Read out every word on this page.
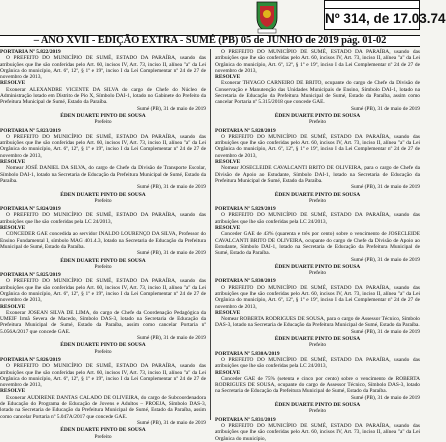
Nº 314, de 17.03.74
– ANO XVII - EDIÇÃO EXTRA - SUMÉ (PB) 05 de JUNHO de 2019 pág. 01-02
PORTARIA Nº 5.822/2019

O PREFEITO DO MUNICÍPIO DE SUMÉ, ESTADO DA PARAÍBA, usando das atribuições que lhe são conferidas pelo Art. 60, incisos IV, Art. 73, inciso II, alínea "a" da Lei Orgânica do município, Art. 6º, 12º, § 1º e 19º, inciso I da Lei Complementar nº 24 de 27 de novembro de 2013,

RESOLVE

Exonerar ALEXANDRE VICENTE DA SILVA do cargo de Chefe do Núcleo de Administração lotado em Distrito de Pio X, Símbolo DAI-1, lotado no Gabinete do Prefeito da Prefeitura Municipal de Sumé, Estado da Paraíba.

Sumé (PB), 31 de maio de 2019

ÉDEN DUARTE PINTO DE SOUSA

Prefeito

PORTARIA Nº 5.823/2019

O PREFEITO DO MUNICÍPIO DE SUMÉ, ESTADO DA PARAÍBA, usando das atribuições que lhe são conferidas pelo Art. 60, incisos IV, Art. 73, inciso II, alínea "a" da Lei Orgânica do município, Art. 6º, 12º, § 1º e 19º, inciso I da Lei Complementar nº 24 de 27 de novembro de 2013,

RESOLVE

Nomear JOSÉ DANIEL DA SILVA, do cargo de Chefe da Divisão de Transporte Escolar, Símbolo DAI-1, lotado na Secretaria de Educação da Prefeitura Municipal de Sumé, Estado da Paraíba.

Sumé (PB), 31 de maio de 2019

ÉDEN DUARTE PINTO DE SOUSA

Prefeito

PORTARIA Nº 5.824/2019

O PREFEITO DO MUNICÍPIO DE SUMÉ, ESTADO DA PARAÍBA, usando das atribuições que lhe são conferidas pela LC 24/2013,

RESOLVE

CONCEDER GAE concedida ao servidor INALDO LOURENÇO DA SILVA, Professor do Ensino Fundamental I, símbolo MAG 401.4.3, lotado na Secretaria de Educação da Prefeitura Municipal de Sumé, Estado da Paraíba.

Sumé (PB), 31 de maio de 2019

ÉDEN DUARTE PINTO DE SOUSA

Prefeito

PORTARIA Nº 5.825/2019

O PREFEITO DO MUNICÍPIO DE SUMÉ, ESTADO DA PARAÍBA, usando das atribuições que lhe são conferidas pelo Art. 60, incisos IV, Art. 73, inciso II, alínea "a" da Lei Orgânica do município, Art. 6º, 12º, § 1º e 19º, inciso I da Lei Complementar nº 24 de 27 de novembro de 2013,

RESOLVE

Exonerar JOSEAN SILVA DE LIMA, do cargo de Chefe da Coordenação Pedagógica da UMEIF Irmã Severa de Macedo, Símbolo DAS-3, lotado na Secretaria de Educação da Prefeitura Municipal de Sumé, Estado da Paraíba, assim como cancelar Portaria nº 5.056A/2017 que concede GAE.

Sumé (PB), 31 de maio de 2019

ÉDEN DUARTE PINTO DE SOUSA

Prefeito

PORTARIA Nº 5.826/2019

O PREFEITO DO MUNICÍPIO DE SUMÉ, ESTADO DA PARAÍBA, usando das atribuições que lhe são conferidas pelo Art. 60, incisos IV, Art. 73, inciso II, alínea "a" da Lei Orgânica do município, Art. 6º, 12º, § 1º e 19º, inciso I da Lei Complementar nº 24 de 27 de novembro de 2013,

RESOLVE

Exonerar AUDIRENE DANTAS CALADO DE OLIVEIRA, do cargo de Subcoordenadora de Educação do Programa de Educação de Jovens e Adultos – PROEJA, Símbolo DAS-3, lotado na Secretaria de Educação da Prefeitura Municipal de Sumé, Estado da Paraíba, assim como cancelar Portaria nº 5.047A/2017 que concede GAE.

Sumé (PB), 31 de maio de 2019

ÉDEN DUARTE PINTO DE SOUSA

Prefeito

O PREFEITO DO MUNICÍPIO DE SUMÉ, ESTADO DA PARAÍBA, usando das atribuições que lhe são conferidas pelo Art. 60, incisos IV, Art. 73, inciso II, alínea "a" da Lei Orgânica do município, Art. 6º, 12º, § 1º e 19º, inciso I da Lei Complementar nº 24 de 27 de novembro de 2013,

RESOLVE

Exonerar THYAGO CARNEIRO DE BRITO, ocupante do cargo de Chefe da Divisão de Conservação e Manutenção das Unidades Municipais de Ensino, Símbolo DAI-1, lotado na Secretaria de Educação da Prefeitura Municipal de Sumé, Estado da Paraíba, assim como cancelar Portaria nº 5.315/2018 que concede GAE.

Sumé (PB), 31 de maio de 2019

ÉDEN DUARTE PINTO DE SOUSA

Prefeito

PORTARIA Nº 5.828/2019

O PREFEITO DO MUNICÍPIO DE SUMÉ, ESTADO DA PARAÍBA, usando das atribuições que lhe são conferidas pelo Art. 60, incisos IV, Art. 73, inciso II, alínea "a" da Lei Orgânica do município, Art. 6º, 12º, § 1º e 19º, inciso I da Lei Complementar nº 24 de 27 de novembro de 2013,

RESOLVE

Nomear JOSECLEIDE CAVALCANTI BRITO DE OLIVEIRA, para o cargo de Chefe da Divisão de Apoio ao Estudante, Símbolo DAI-1, lotado na Secretaria de Educação da Prefeitura Municipal de Sumé, Estado da Paraíba.

Sumé (PB), 31 de maio de 2019

ÉDEN DUARTE PINTO DE SOUSA

Prefeito

PORTARIA Nº 5.829/2019

O PREFEITO DO MUNICÍPIO DE SUMÉ, ESTADO DA PARAÍBA, usando das atribuições que lhe são conferidas pela LC 24/2013,

RESOLVE

Conceder GAE de 43% (quarenta e três por cento) sobre o vencimento de JOSECLEIDE CAVALCANTI BRITO DE OLIVEIRA, ocupante do cargo de Chefe da Divisão de Apoio ao Estudante, Símbolo DAI-1, lotado na Secretaria de Educação da Prefeitura Municipal de Sumé, Estado da Paraíba.

Sumé (PB), 31 de maio de 2019

ÉDEN DUARTE PINTO DE SOUSA

Prefeito

PORTARIA Nº 5.830/2019

O PREFEITO DO MUNICÍPIO DE SUMÉ, ESTADO DA PARAÍBA, usando das atribuições que lhe são conferidas pelo Art. 60, incisos IV, Art. 73, inciso II, alínea "a" da Lei Orgânica do município, Art. 6º, 12º, § 1º e 19º, inciso I da Lei Complementar nº 24 de 27 de novembro de 2013,

RESOLVE

Nomear ROBERTA RODRIGUES DE SOUSA, para o cargo de Assessor Técnico, Símbolo DAS-3, lotado na Secretaria de Educação da Prefeitura Municipal de Sumé, Estado da Paraíba.

Sumé (PB), 31 de maio de 2019

ÉDEN DUARTE PINTO DE SOUSA

Prefeito

PORTARIA Nº 5.830A/2019

O PREFEITO DO MUNICÍPIO DE SUMÉ, ESTADO DA PARAÍBA, usando das atribuições que lhe são conferidas pela LC 24/2013,

RESOLVE

Conceder GAE de 75% (setenta e cinco por cento) sobre o vencimento de ROBERTA RODRIGUES DE SOUSA, ocupante do cargo de Assessor Técnico, Símbolo DAS-3, lotado na Secretaria de Educação da Prefeitura Municipal de Sumé, Estado da Paraíba.

Sumé (PB), 31 de maio de 2019

ÉDEN DUARTE PINTO DE SOUSA

Prefeito

PORTARIA Nº 5.831/2019

O PREFEITO DO MUNICÍPIO DE SUMÉ, ESTADO DA PARAÍBA, usando das atribuições que lhe são conferidas pelo Art. 60, incisos IV, Art. 73, inciso II, alínea "a" da Lei Orgânica do município,
